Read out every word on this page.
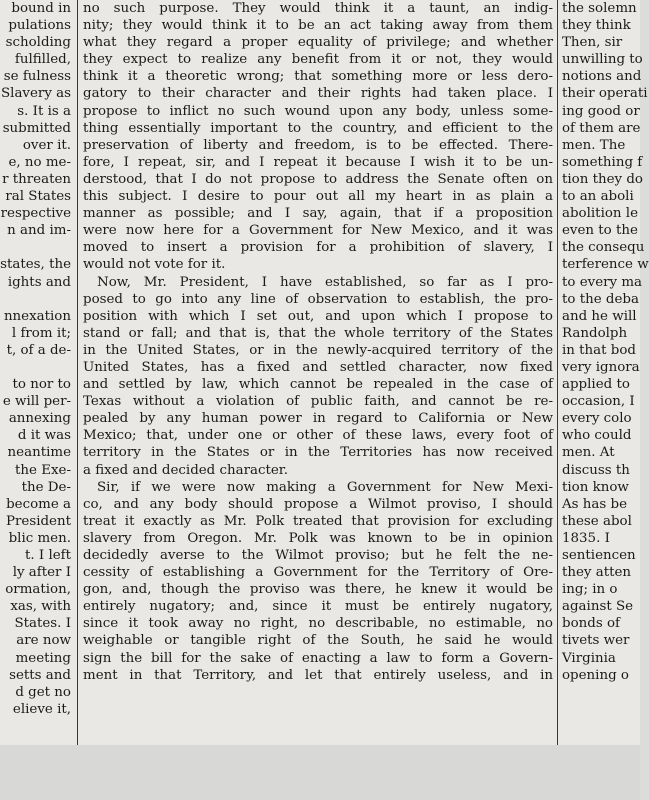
bound in
pulations
scholding
fulfilled,
se fulness
Slavery as
s. It is a
submitted
over it.
e, no me-
r threaten
ral States
respective
n and im-

states, the
ights and

nnexation
l from it;
t, of a de-

to nor to
e will per-
annexing
d it was
neantime
the Exe-
the De-
become a
President
blic men.
t. I left
ly after I
ormation,
xas, with
States. I
are now
meeting
setts and
d get no
elieve it,
no such purpose. They would think it a taunt, an indig-
nity; they would think it to be an act taking away from them
what they regard a proper equality of privilege; and whether
they expect to realize any benefit from it or not, they would
think it a theoretic wrong; that something more or less dero-
gatory to their character and their rights had taken place. I
propose to inflict no such wound upon any body, unless some-
thing essentially important to the country, and efficient to the
preservation of liberty and freedom, is to be effected. There-
fore, I repeat, sir, and I repeat it because I wish it to be un-
derstood, that I do not propose to address the Senate often on
this subject. I desire to pour out all my heart in as plain a
manner as possible; and I say, again, that if a proposition
were now here for a Government for New Mexico, and it was
moved to insert a provision for a prohibition of slavery, I
would not vote for it.
Now, Mr. President, I have established, so far as I pro-
posed to go into any line of observation to establish, the pro-
position with which I set out, and upon which I propose to
stand or fall; and that is, that the whole territory of the States
in the United States, or in the newly-acquired territory of the
United States, has a fixed and settled character, now fixed
and settled by law, which cannot be repealed in the case of
Texas without a violation of public faith, and cannot be re-
pealed by any human power in regard to California or New
Mexico; that, under one or other of these laws, every foot of
territory in the States or in the Territories has now received
a fixed and decided character.
Sir, if we were now making a Government for New Mexi-
co, and any body should propose a Wilmot proviso, I should
treat it exactly as Mr. Polk treated that provision for excluding
slavery from Oregon. Mr. Polk was known to be in opinion
decidedly averse to the Wilmot proviso; but he felt the ne-
cessity of establishing a Government for the Territory of Ore-
gon, and, though the proviso was there, he knew it would be
entirely nugatory; and, since it must be entirely nugatory,
since it took away no right, no describable, no estimable, no
weighable or tangible right of the South, he said he would
sign the bill for the sake of enacting a law to form a Govern-
ment in that Territory, and let that entirely useless, and in
the solemn
they think
Then, sir
unwilling to
notions and
their operati
ing good or
of them are
men. The
something f
tion they do
to an aboli
abolition le
even to the
the consequ
terference w
to every ma
to the deba
and he will
Randolph
in that bod
very ignora
applied to
occasion, I
every colo
who could
men. At
discuss th
tion know
As has be
these abol
1835. I
sentiencen
they atten
ing; in o
against Se
bonds of
tivets wer
Virginia
opening o
